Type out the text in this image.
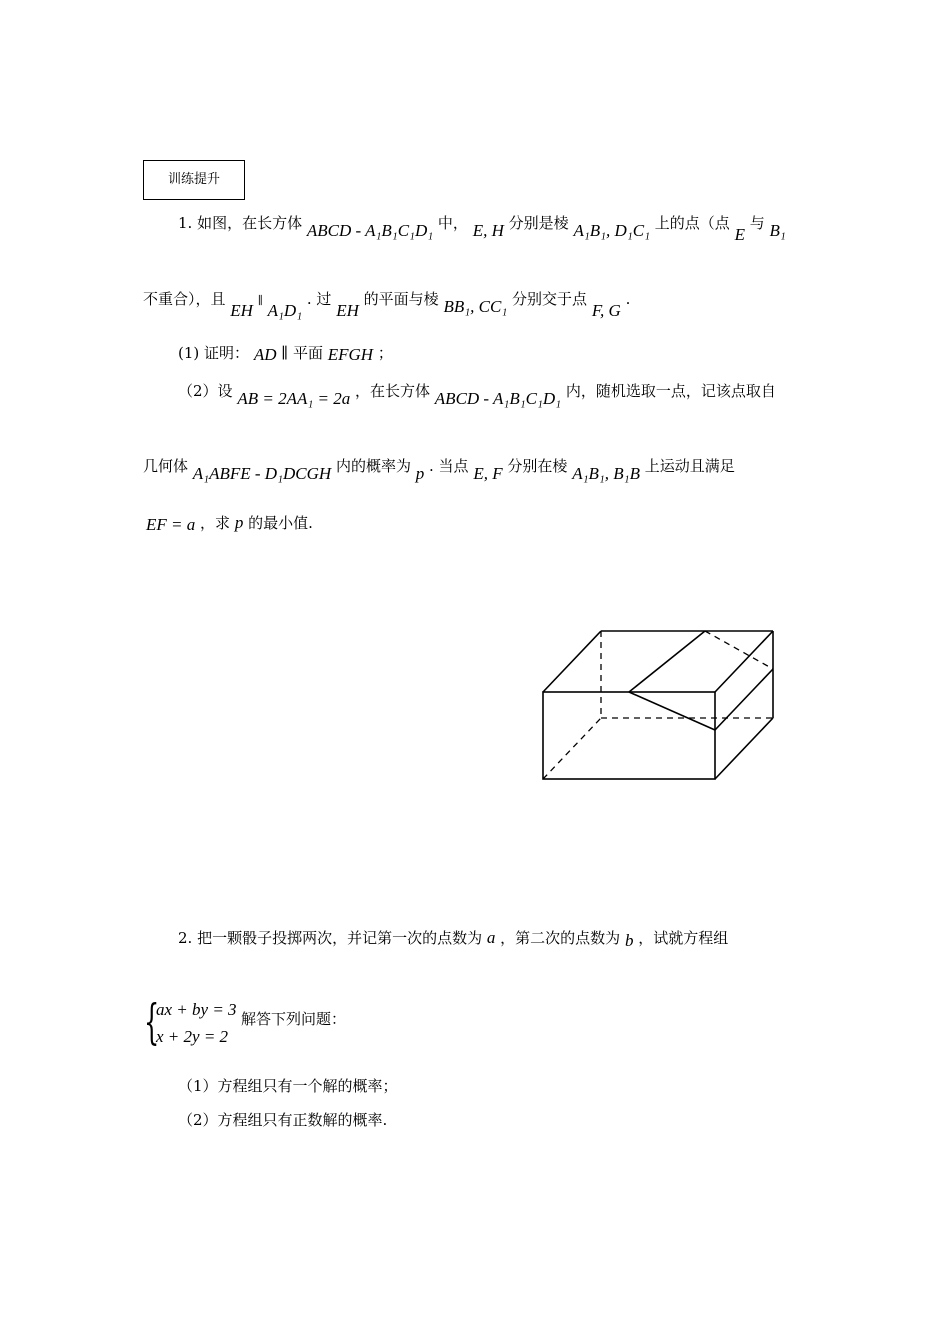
训练提升
1. 如图，在长方体 ABCD - A₁B₁C₁D₁ 中， E, H 分别是棱 A₁B₁, D₁C₁ 上的点（点 E 与 B₁
不重合），且 EH ∥ A₁D₁ . 过 EH 的平面与棱 BB₁, CC₁ 分别交于点 F, G .
(1) 证明： AD ∥ 平面 EFGH ；
（2）设 AB = 2AA₁ = 2a ，在长方体 ABCD - A₁B₁C₁D₁ 内，随机选取一点，记该点取自
几何体 A₁ABFE - D₁DCGH 内的概率为 p . 当点 E, F 分别在棱 A₁B₁, B₁B 上运动且满足
EF = a ，求 p 的最小值.
2. 把一颗骰子投掷两次，并记第一次的点数为 a ，第二次的点数为 b ，试就方程组
{
ax + by = 3 解答下列问题：
x + 2y = 2
（1）方程组只有一个解的概率；
（2）方程组只有正数解的概率.
